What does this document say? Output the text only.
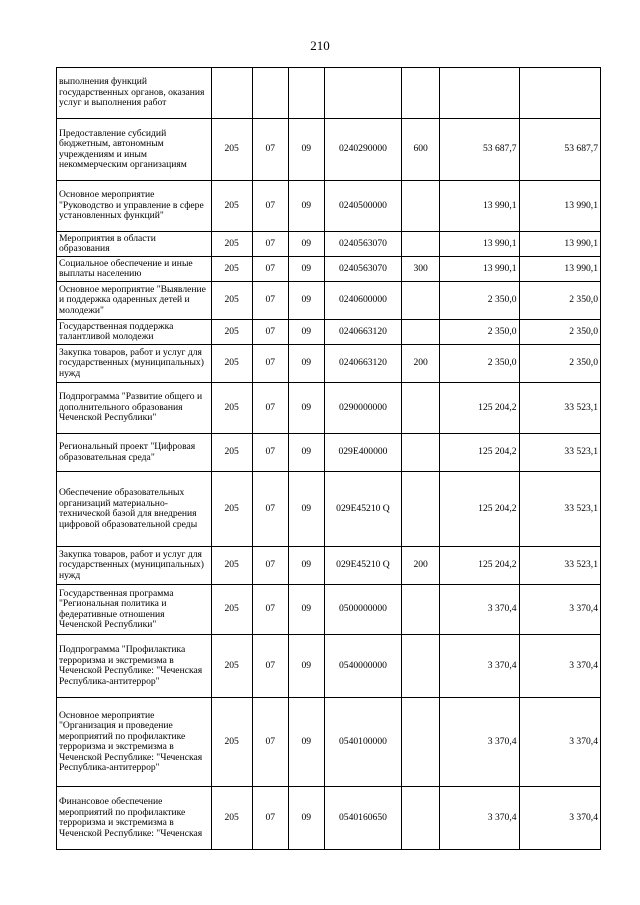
210
выполнения функций государственных органов, оказания услуг и выполнения работ							
Предоставление субсидий бюджетным, автономным учреждениям и иным некоммерческим организациям	205	07	09	0240290000	600	53 687,7	53 687,7
Основное мероприятие "Руководство и управление в сфере установленных функций"	205	07	09	0240500000		13 990,1	13 990,1
Мероприятия в области образования	205	07	09	0240563070		13 990,1	13 990,1
Социальное обеспечение и иные выплаты населению	205	07	09	0240563070	300	13 990,1	13 990,1
Основное мероприятие "Выявление и поддержка одаренных детей и молодежи"	205	07	09	0240600000		2 350,0	2 350,0
Государственная поддержка талантливой молодежи	205	07	09	0240663120		2 350,0	2 350,0
Закупка товаров, работ и услуг для государственных (муниципальных) нужд	205	07	09	0240663120	200	2 350,0	2 350,0
Подпрограмма "Развитие общего и дополнительного образования Чеченской Республики"	205	07	09	0290000000		125 204,2	33 523,1
Региональный проект "Цифровая образовательная среда"	205	07	09	029E400000		125 204,2	33 523,1
Обеспечение образовательных организаций материально-технической базой для внедрения цифровой образовательной среды	205	07	09	029E45210 Q		125 204,2	33 523,1
Закупка товаров, работ и услуг для государственных (муниципальных) нужд	205	07	09	029E45210 Q	200	125 204,2	33 523,1
Государственная программа "Региональная политика и федеративные отношения Чеченской Республики"	205	07	09	0500000000		3 370,4	3 370,4
Подпрограмма "Профилактика терроризма и экстремизма в Чеченской Республике: "Чеченская Республика-антитеррор"	205	07	09	0540000000		3 370,4	3 370,4
Основное мероприятие "Организация и проведение мероприятий по профилактике терроризма и экстремизма в Чеченской Республике: "Чеченская Республика-антитеррор"	205	07	09	0540100000		3 370,4	3 370,4
Финансовое обеспечение мероприятий по профилактике терроризма и экстремизма в Чеченской Республике: "Чеченская	205	07	09	0540160650		3 370,4	3 370,4
